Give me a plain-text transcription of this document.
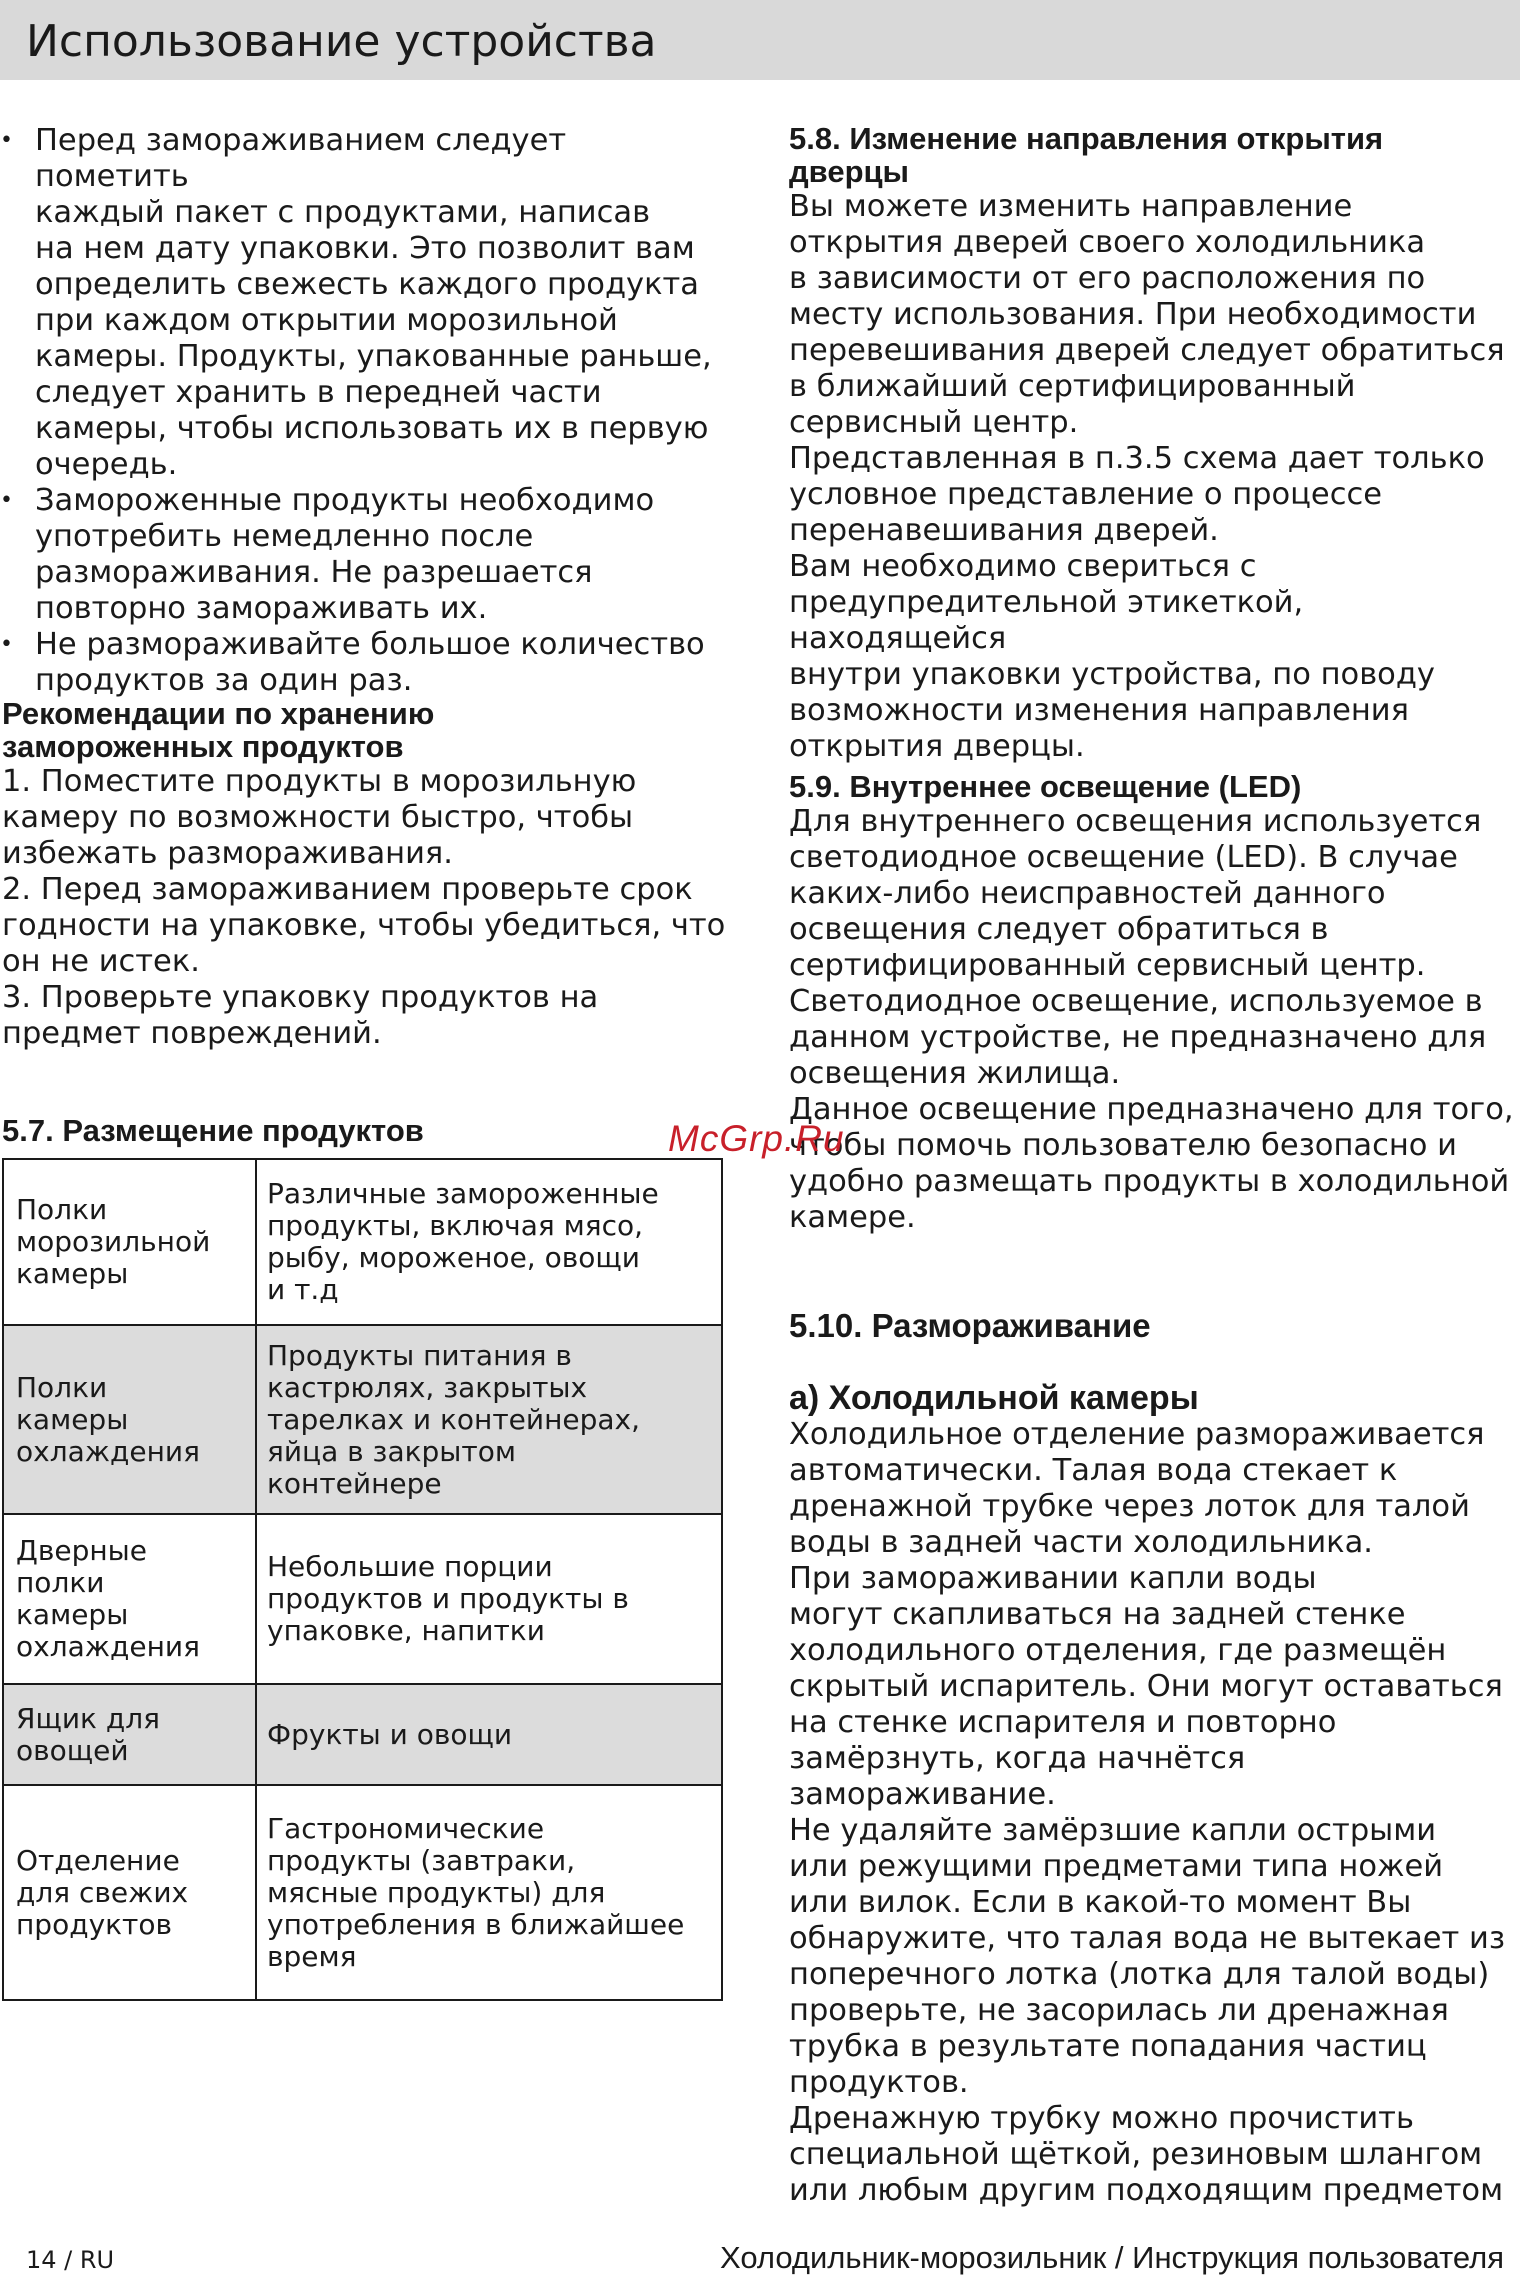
Использование устройства
• Перед замораживанием следует пометить
каждый пакет с продуктами, написав
на нем дату упаковки. Это позволит вам
определить свежесть каждого продукта
при каждом открытии морозильной
камеры. Продукты, упакованные раньше,
следует хранить в передней части
камеры, чтобы использовать их в первую
очередь.
• Замороженные продукты необходимо
употребить немедленно после
размораживания. Не разрешается
повторно замораживать их.
• Не размораживайте большое количество
продуктов за один раз.

Рекомендации по хранению
замороженных продуктов

1. Поместите продукты в морозильную
камеру по возможности быстро, чтобы
избежать размораживания.
2. Перед замораживанием проверьте срок
годности на упаковке, чтобы убедиться, что
он не истек.
3. Проверьте упаковку продуктов на
предмет повреждений.

5.7. Размещение продуктов

Полки
морозильной
камеры	Различные замороженные
продукты, включая мясо,
рыбу, мороженое, овощи
и т.д
Полки
камеры
охлаждения	Продукты питания в
кастрюлях, закрытых
тарелках и контейнерах,
яйца в закрытом
контейнере
Дверные
полки
камеры
охлаждения	Небольшие порции
продуктов и продукты в
упаковке, напитки
Ящик для
овощей	Фрукты и овощи
Отделение
для свежих
продуктов	Гастрономические
продукты (завтраки,
мясные продукты) для
употребления в ближайшее
время

5.8. Изменение направления открытия
дверцы

Вы можете изменить направление
открытия дверей своего холодильника
в зависимости от его расположения по
месту использования. При необходимости
перевешивания дверей следует обратиться
в ближайший сертифицированный
сервисный центр.
Представленная в п.3.5 схема дает только
условное представление о процессе
перенавешивания дверей.
Вам необходимо свериться с
предупредительной этикеткой, находящейся
внутри упаковки устройства, по поводу
возможности изменения направления
открытия дверцы.

5.9. Внутреннее освещение (LED)

Для внутреннего освещения используется
светодиодное освещение (LED). В случае
каких-либо неисправностей данного
освещения следует обратиться в
сертифицированный сервисный центр.
Светодиодное освещение, используемое в
данном устройстве, не предназначено для
освещения жилища.
Данное освещение предназначено для того,
чтобы помочь пользователю безопасно и
удобно размещать продукты в холодильной
камере.

5.10. Размораживание

а) Холодильной камеры

Холодильное отделение размораживается
автоматически. Талая вода стекает к
дренажной трубке через лоток для талой
воды в задней части холодильника.
При замораживании капли воды
могут скапливаться на задней стенке
холодильного отделения, где размещён
скрытый испаритель. Они могут оставаться
на стенке испарителя и повторно
замёрзнуть, когда начнётся замораживание.
Не удаляйте замёрзшие капли острыми
или режущими предметами типа ножей
или вилок. Если в какой-то момент Вы
обнаружите, что талая вода не вытекает из
поперечного лотка (лотка для талой воды)
проверьте, не засорилась ли дренажная
трубка в результате попадания частиц
продуктов.
Дренажную трубку можно прочистить
специальной щёткой, резиновым шлангом
или любым другим подходящим предметом

McGrp.Ru
14 / RU	Холодильник-морозильник / Инструкция пользователя
